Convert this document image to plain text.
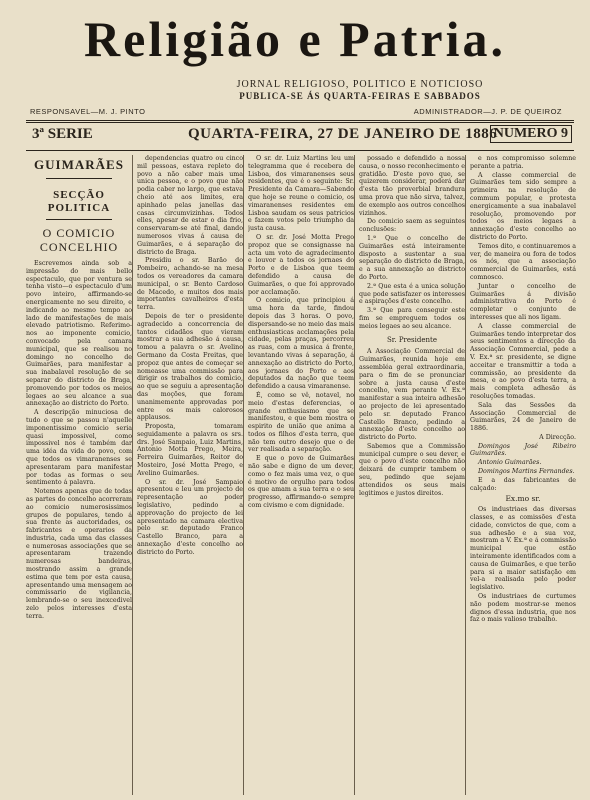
Religião e Patria.
JORNAL RELIGIOSO, POLITICO E NOTICIOSO
PUBLICA-SE ÁS QUARTA-FEIRAS E SABBADOS
RESPONSAVEL—M. J. PINTO	ADMINISTRADOR—J. P. DE QUEIROZ
3ª SERIE	QUARTA-FEIRA, 27 DE JANEIRO DE 1886
NUMERO 9
GUIMARÃES
SECÇÃO POLITICA
O COMICIO CONCELHIO

Escrevemos ainda sob a impressão do mais bello espectaculo, que por ventura se tenha visto—o espectaculo d'um povo inteiro, affirmando-se energicamente no seu direito, e indicando ao mesmo tempo ao lado de manifestações de mais elevado patriotismo. Referimo-nos ao imponente comicio, convocado pela camara municipal, que se realisou no domingo no concelho de Guimarães, para manifestar a sua inabalavel resolução de se separar do districto de Braga, promovendo por todos os meios legaes ao seu alcance a sua annexação ao districto do Porto.

A descripção minuciosa de tudo o que se passou n'aquelle imponentissimo comicio seria quasi impossivel, como impossivel nos é também dar uma idéa da vida do povo, com que todos os vimaranenses se apresentaram para manifestar por todas as formas o seu sentimento á palavra.

Notemos apenas que de todas as partes do concelho acorreram ao comicio numerosissimos grupos de populares, tendo á sua frente as auctoridades, os fabricantes e operarios da industria, cada uma das classes e numerosas associações que se apresentaram trazendo numerosas bandeiras, mostrando assim a grande estima que tem por esta causa, apresentando uma mensagem ao commissario de vigilancia, lembrando-se o seu inexcedivel zelo pelos interesses d'esta terra.

dependencias quatro ou cinco mil pessoas, estava repleto do povo a não caber mais uma unica pessoa, e o povo que não podia caber no largo, que estava cheio até aos limites, era apinhado pelas janellas das casas circumvizinhas. Todos elles, apesar de estar o dia frio, conservaram-se até final, dando numerosos vivas á causa de Guimarães, e á separação do districto de Braga.

Presidiu o sr. Barão do Pombeiro, achando-se na mesa todos os vereadores da camara municipal, o sr. Bento Cardoso de Macedo, e muitos dos mais importantes cavalheiros d'esta terra.

Depois de ter o presidente agradecido a concorrencia de tantos cidadãos que vieram mostrar a sua adhesão á causa, tomou a palavra o sr. Avelino Germano da Costa Freitas, que propoz que antes de começar se nomeasse uma commissão para dirigir os trabalhos do comicio, ao que se seguiu a apresentação das moções, que foram unanimemente approvadas por entre os mais calorosos applausos.

Proposta, tomaram seguidamente a palavra os srs. drs. José Sampaio, Luiz Martins, Antonio Motta Prego, Meira, Ferreira Guimarães, Reitor do Mosteiro, José Motta Prego, e Avelino Guimarães.

O sr. dr. José Sampaio apresentou e leu um projecto de representação ao poder legislativo, pedindo a approvação do projecto de lei apresentado na camara electiva pelo sr. deputado Franco Castello Branco, para a annexação d'este concelho ao districto do Porto.

O sr. dr. Luiz Martins leu um telegramma que é recebera de Lisboa, dos vimaranenses seus residentes, que é o seguinte: Sr. Presidente da Camara—Sabendo que hoje se reune o comicio, os vimaranenses residentes em Lisboa saudam os seus patricios e fazem votos pelo triumpho da justa causa.

O sr. dr. José Motta Prego propoz que se consignasse na acta um voto de agradecimento e louvor a todos os jornaes do Porto e de Lisboa que teem defendido a causa de Guimarães, o que foi approvado por acclamação.

O comicio, que principiou á uma hora da tarde, findou depois das 3 horas. O povo, dispersando-se no meio das mais enthusiasticas acclamações pela cidade, pelas praças, percorreu as ruas, com a musica á frente, levantando vivas á separação, á annexação ao districto do Porto, aos jornaes do Porto e aos deputados da nação que teem defendido a causa vimaranense.

É, como se vê, notavel, no meio d'estas deferencias, o grande enthusiasmo que se manifestou, e que bem mostra o espirito de união que anima a todos os filhos d'esta terra, que não tem outro desejo que o de ver realisada a separação.

E que o povo de Guimarães não sabe e digno de um dever, como o fez mais uma vez, o que é motivo de orgulho para todos os que amam a sua terra e o seu progresso, affirmando-o sempre com civismo e com dignidade.

possado e defendido a nossa causa, o nosso reconhecimento e gratidão. D'este povo que, se quizerem considerar, poderá dar d'esta tão proverbial brandura uma prova que não sirva, talvez, de exemplo aos outros concelhos vizinhos.

Do comicio saem as seguintes conclusões:

1.ª Que o concelho de Guimarães está inteiramente disposto a sustentar a sua separação do districto de Braga, e a sua annexação ao districto do Porto.

2.ª Que esta é a unica solução que pode satisfazer os interesses e aspirações d'este concelho.

3.ª Que para conseguir este fim se empreguem todos os meios legaes ao seu alcance.

Sr. Presidente

A Associação Commercial de Guimarães, reunida hoje em assembléa geral extraordinaria, para o fim de se pronunciar sobre a justa causa d'este concelho, vem perante V. Ex.ª manifestar a sua inteira adhesão ao projecto de lei apresentado pelo sr. deputado Franco Castello Branco, pedindo a annexação d'este concelho ao districto do Porto.

Sabemos que a Commissão municipal cumpre o seu dever, e que o povo d'este concelho não deixará de cumprir tambem o seu, pedindo que sejam attendidos os seus mais legitimos e justos direitos.

e nos compromisso solemne perante a patria.

A classe commercial de Guimarães tem sido sempre a primeira na resolução de commum popular, e protesta energicamente a sua inabalavel resolução, promovendo por todos os meios legaes a annexação d'este concelho ao districto do Porto.

Temos dito, e continuaremos a ver, de maneira ou fora de todos os nós, que a associação commercial de Guimarães, está comnosco.

Juntar o concelho de Guimarães á divisão administrativa do Porto é completar o conjunto de interesses que ali nos ligam.

A classe commercial de Guimarães tendo interpretar dos seus sentimentos a direcção da Associação Commercial, pede a V. Ex.ª sr. presidente, se digne acceitar e transmittir a toda a commissão, ao presidente da mesa, e ao povo d'esta terra, a mais completa adhesão ás resoluções tomadas.

Sala das Sessões da Associação Commercial de Guimarães, 24 de Janeiro de 1886.

A Direcção.

Domingos José Ribeiro Guimarães.

Antonio Guimarães.

Domingos Martins Fernandes.

E a das fabricantes de calçado:

Ex.mo sr.

Os industriaes das diversas classes, e as comissões d'esta cidade, convictos de que, com a sua adhesão e a sua voz, mostram a V. Ex.ª e á commissão municipal que estão inteiramente identificados com a causa de Guimarães, e que terão para si a maior satisfação em vel-a realisada pelo poder legislativo.

Os industriaes de curtumes não podem mostrar-se menos dignos d'essa industria, que nos faz o mais valioso trabalho.
